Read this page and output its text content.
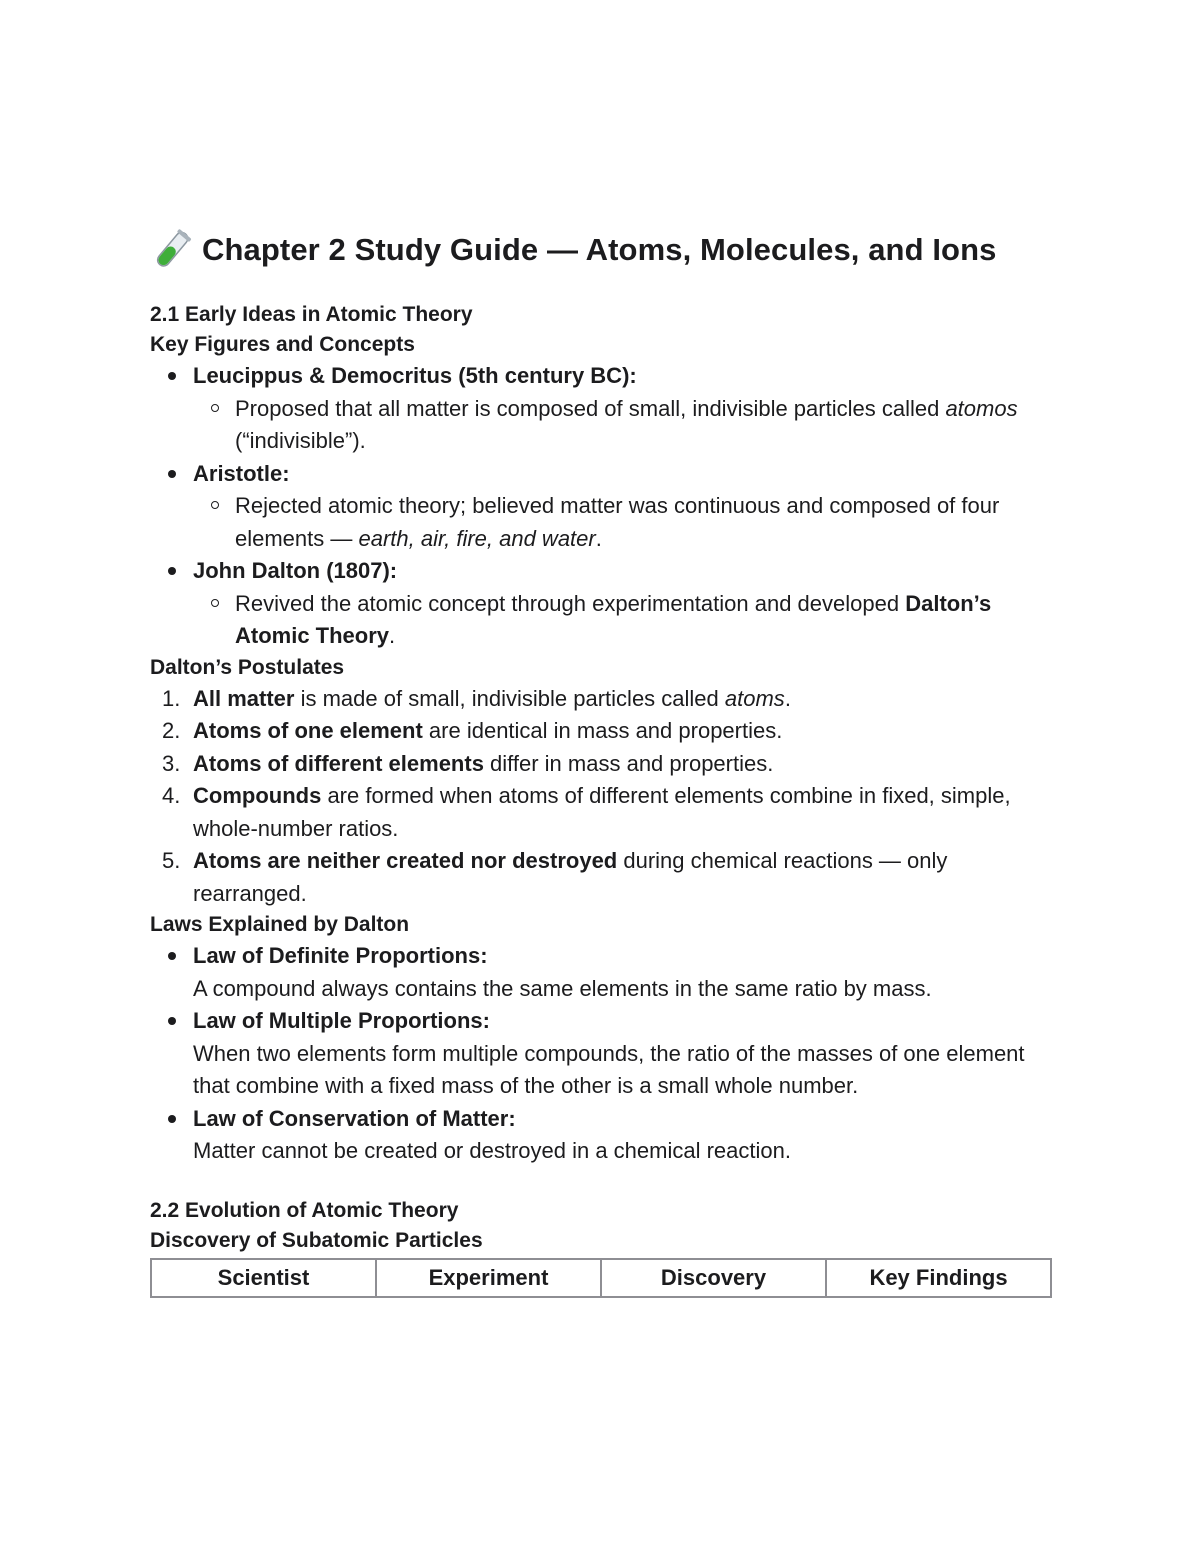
Chapter 2 Study Guide — Atoms, Molecules, and Ions
2.1 Early Ideas in Atomic Theory
Key Figures and Concepts
Leucippus & Democritus (5th century BC):
Proposed that all matter is composed of small, indivisible particles called atomos (“indivisible”).
Aristotle:
Rejected atomic theory; believed matter was continuous and composed of four elements — earth, air, fire, and water.
John Dalton (1807):
Revived the atomic concept through experimentation and developed Dalton’s Atomic Theory.
Dalton’s Postulates
1. All matter is made of small, indivisible particles called atoms.
2. Atoms of one element are identical in mass and properties.
3. Atoms of different elements differ in mass and properties.
4. Compounds are formed when atoms of different elements combine in fixed, simple, whole-number ratios.
5. Atoms are neither created nor destroyed during chemical reactions — only rearranged.
Laws Explained by Dalton
Law of Definite Proportions:
A compound always contains the same elements in the same ratio by mass.
Law of Multiple Proportions:
When two elements form multiple compounds, the ratio of the masses of one element that combine with a fixed mass of the other is a small whole number.
Law of Conservation of Matter:
Matter cannot be created or destroyed in a chemical reaction.
2.2 Evolution of Atomic Theory
Discovery of Subatomic Particles
Scientist	Experiment	Discovery	Key Findings
